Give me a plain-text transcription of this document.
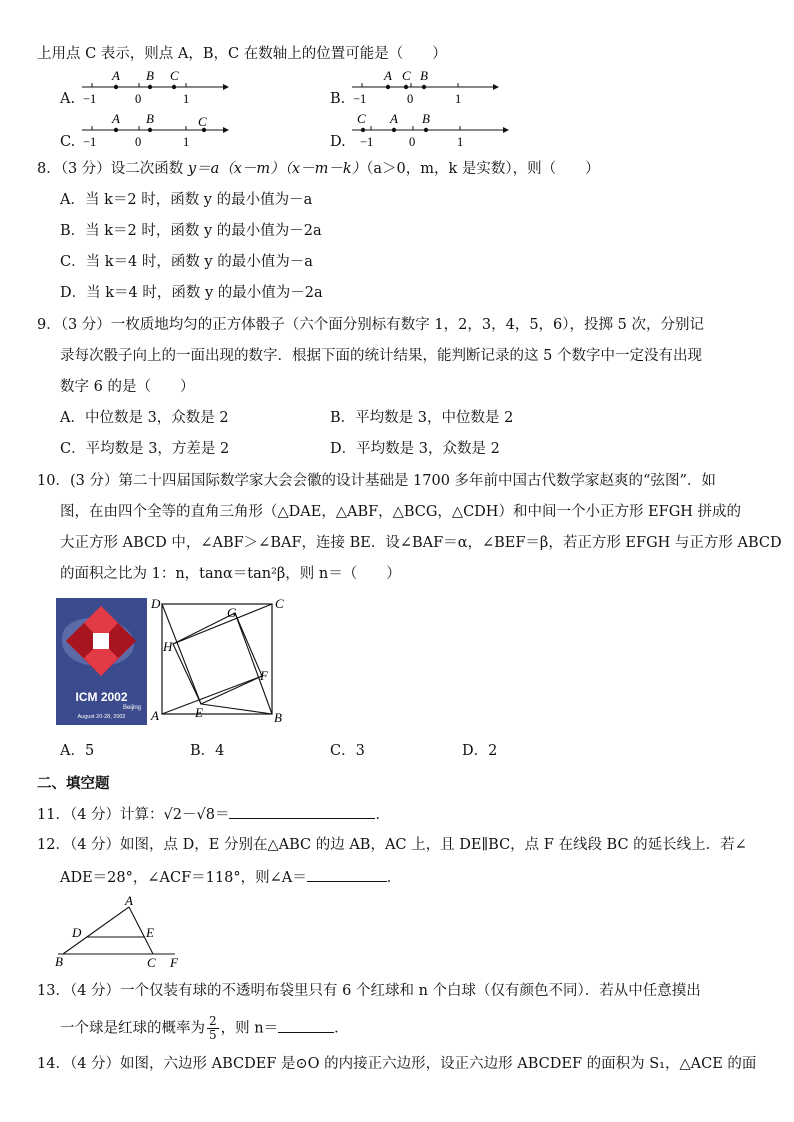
上用点 C 表示，则点 A，B，C 在数轴上的位置可能是（　　）
A.
A B C
−1	0	1	B.
A B
C
−1	0	1
C.
A B	C
−1	0	1	D.
A B
C
−1	0	1
8．（3 分）设二次函数 y＝a（x－m）（x－m－k）（a＞0，m，k 是实数），则（　　）
A．当 k＝2 时，函数 y 的最小值为－a
B．当 k＝2 时，函数 y 的最小值为－2a
C．当 k＝4 时，函数 y 的最小值为－a
D．当 k＝4 时，函数 y 的最小值为－2a
9．（3 分）一枚质地均匀的正方体骰子（六个面分别标有数字 1，2，3，4，5，6），投掷 5 次，分别记
录每次骰子向上的一面出现的数字．根据下面的统计结果，能判断记录的这 5 个数字中一定没有出现
数字 6 的是（　　）
A．中位数是 3，众数是 2	B．平均数是 3，中位数是 2
C．平均数是 3，方差是 2	D．平均数是 3，众数是 2
10．(3 分）第二十四届国际数学家大会会徽的设计基础是 1700 多年前中国古代数学家赵爽的“弦图”．如
图，在由四个全等的直角三角形（△DAE，△ABF，△BCG，△CDH）和中间一个小正方形 EFGH 拼成的
大正方形 ABCD 中，∠ABF＞∠BAF，连接 BE．设∠BAF＝α，∠BEF＝β，若正方形 EFGH 与正方形 ABCD
的面积之比为 1：n，tanα＝tan²β，则 n＝（　　）
ICM 2002
Beijing
August 20-28, 2002	A	B
C
D
E
F
G
H
A．5	B．4	C．3	D．2
二、填空题
11．（4 分）计算：√2－√8＝	．
12．（4 分）如图，点 D，E 分别在△ABC 的边 AB，AC 上，且 DE∥BC，点 F 在线段 BC 的延长线上．若∠
ADE＝28°，∠ACF＝118°，则∠A＝	．
A
B	C
D	E
F
13．（4 分）一个仅装有球的不透明布袋里只有 6 个红球和 n 个白球（仅有颜色不同）．若从中任意摸出
一个球是红球的概率为 $\frac{2}{5}$ ，则 n＝	．
14．（4 分）如图，六边形 ABCDEF 是⊙O 的内接正六边形，设正六边形 ABCDEF 的面积为 S₁，△ACE 的面
